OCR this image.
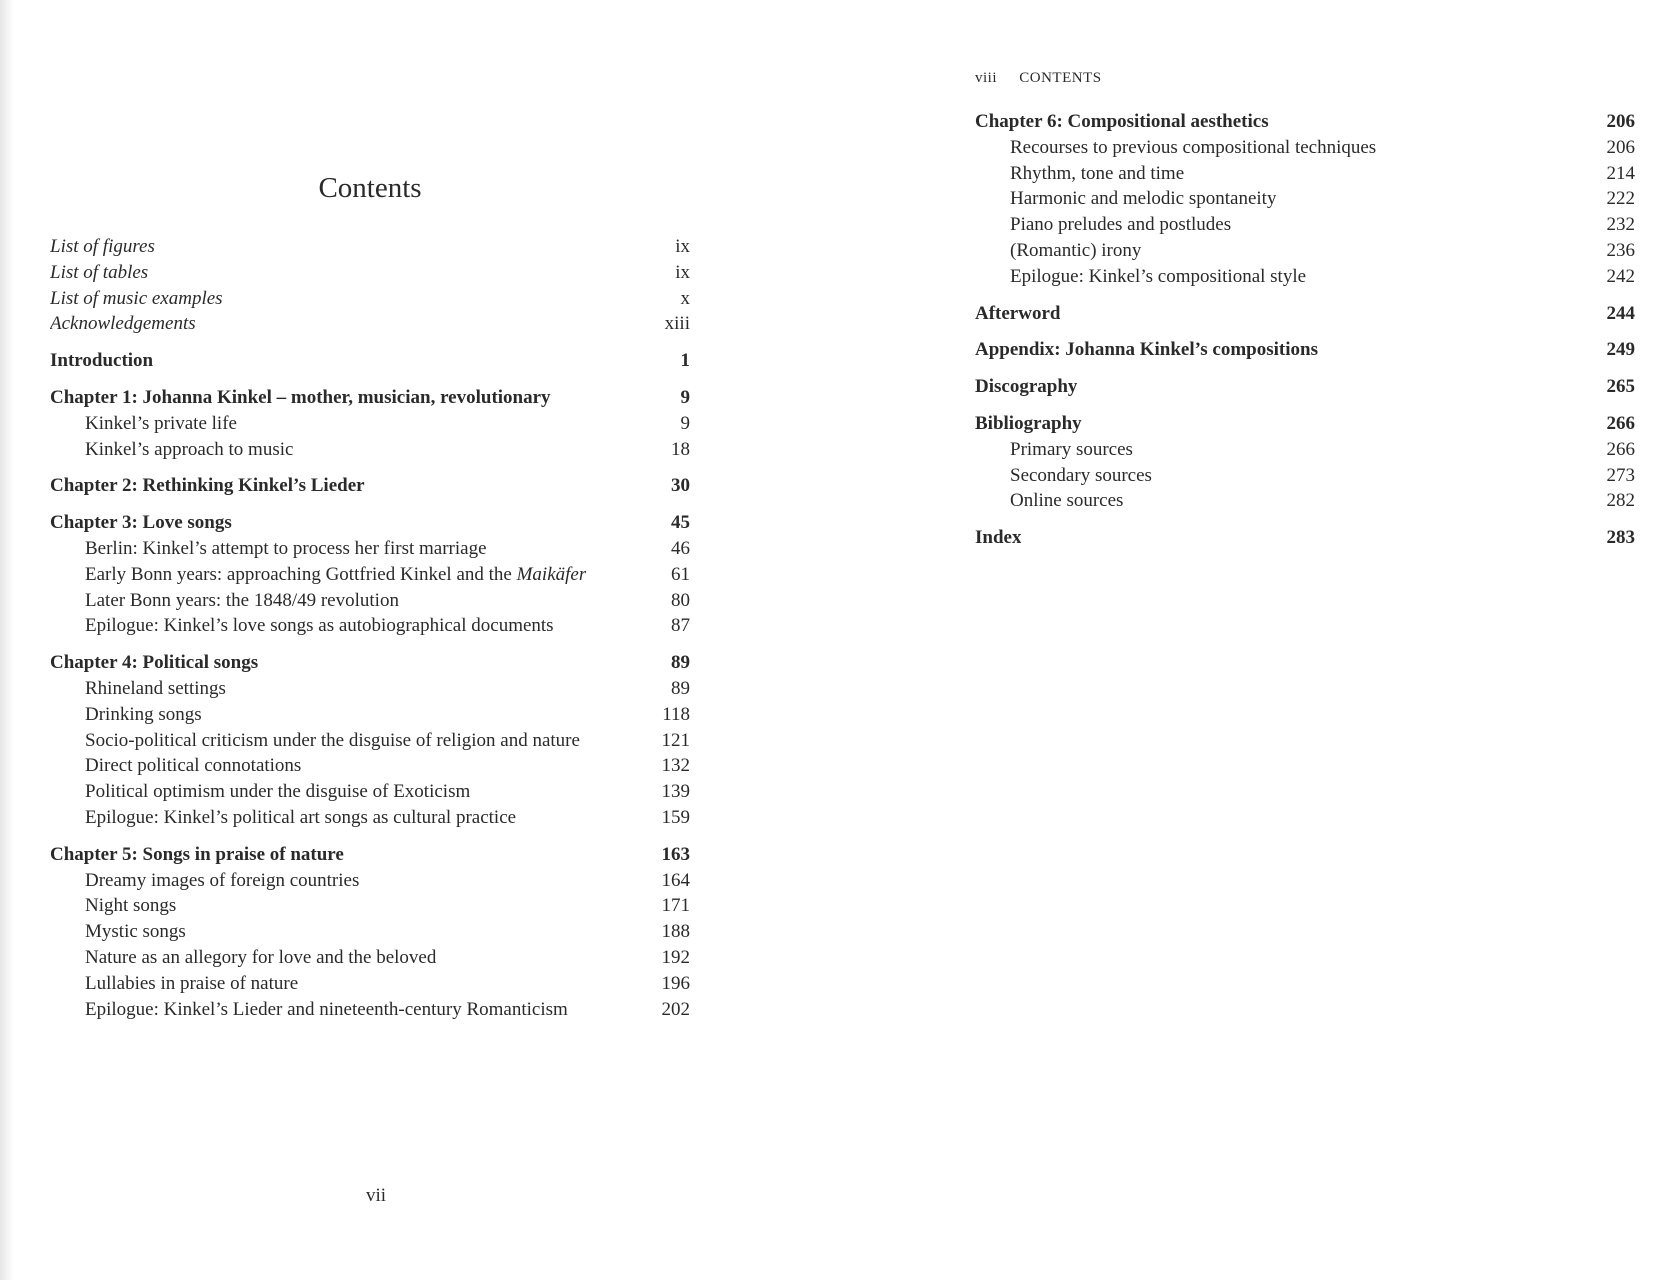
Contents
List of figures	ix
List of tables	ix
List of music examples	x
Acknowledgements	xiii
Introduction	1
Chapter 1: Johanna Kinkel – mother, musician, revolutionary	9
Kinkel’s private life	9
Kinkel’s approach to music	18
Chapter 2: Rethinking Kinkel’s Lieder	30
Chapter 3: Love songs	45
Berlin: Kinkel’s attempt to process her first marriage	46
Early Bonn years: approaching Gottfried Kinkel and the Maikäfer	61
Later Bonn years: the 1848/49 revolution	80
Epilogue: Kinkel’s love songs as autobiographical documents	87
Chapter 4: Political songs	89
Rhineland settings	89
Drinking songs	118
Socio-political criticism under the disguise of religion and nature	121
Direct political connotations	132
Political optimism under the disguise of Exoticism	139
Epilogue: Kinkel’s political art songs as cultural practice	159
Chapter 5: Songs in praise of nature	163
Dreamy images of foreign countries	164
Night songs	171
Mystic songs	188
Nature as an allegory for love and the beloved	192
Lullabies in praise of nature	196
Epilogue: Kinkel’s Lieder and nineteenth-century Romanticism	202
vii
viii CONTENTS
Chapter 6: Compositional aesthetics	206
Recourses to previous compositional techniques	206
Rhythm, tone and time	214
Harmonic and melodic spontaneity	222
Piano preludes and postludes	232
(Romantic) irony	236
Epilogue: Kinkel’s compositional style	242
Afterword	244
Appendix: Johanna Kinkel’s compositions	249
Discography	265
Bibliography	266
Primary sources	266
Secondary sources	273
Online sources	282
Index	283
